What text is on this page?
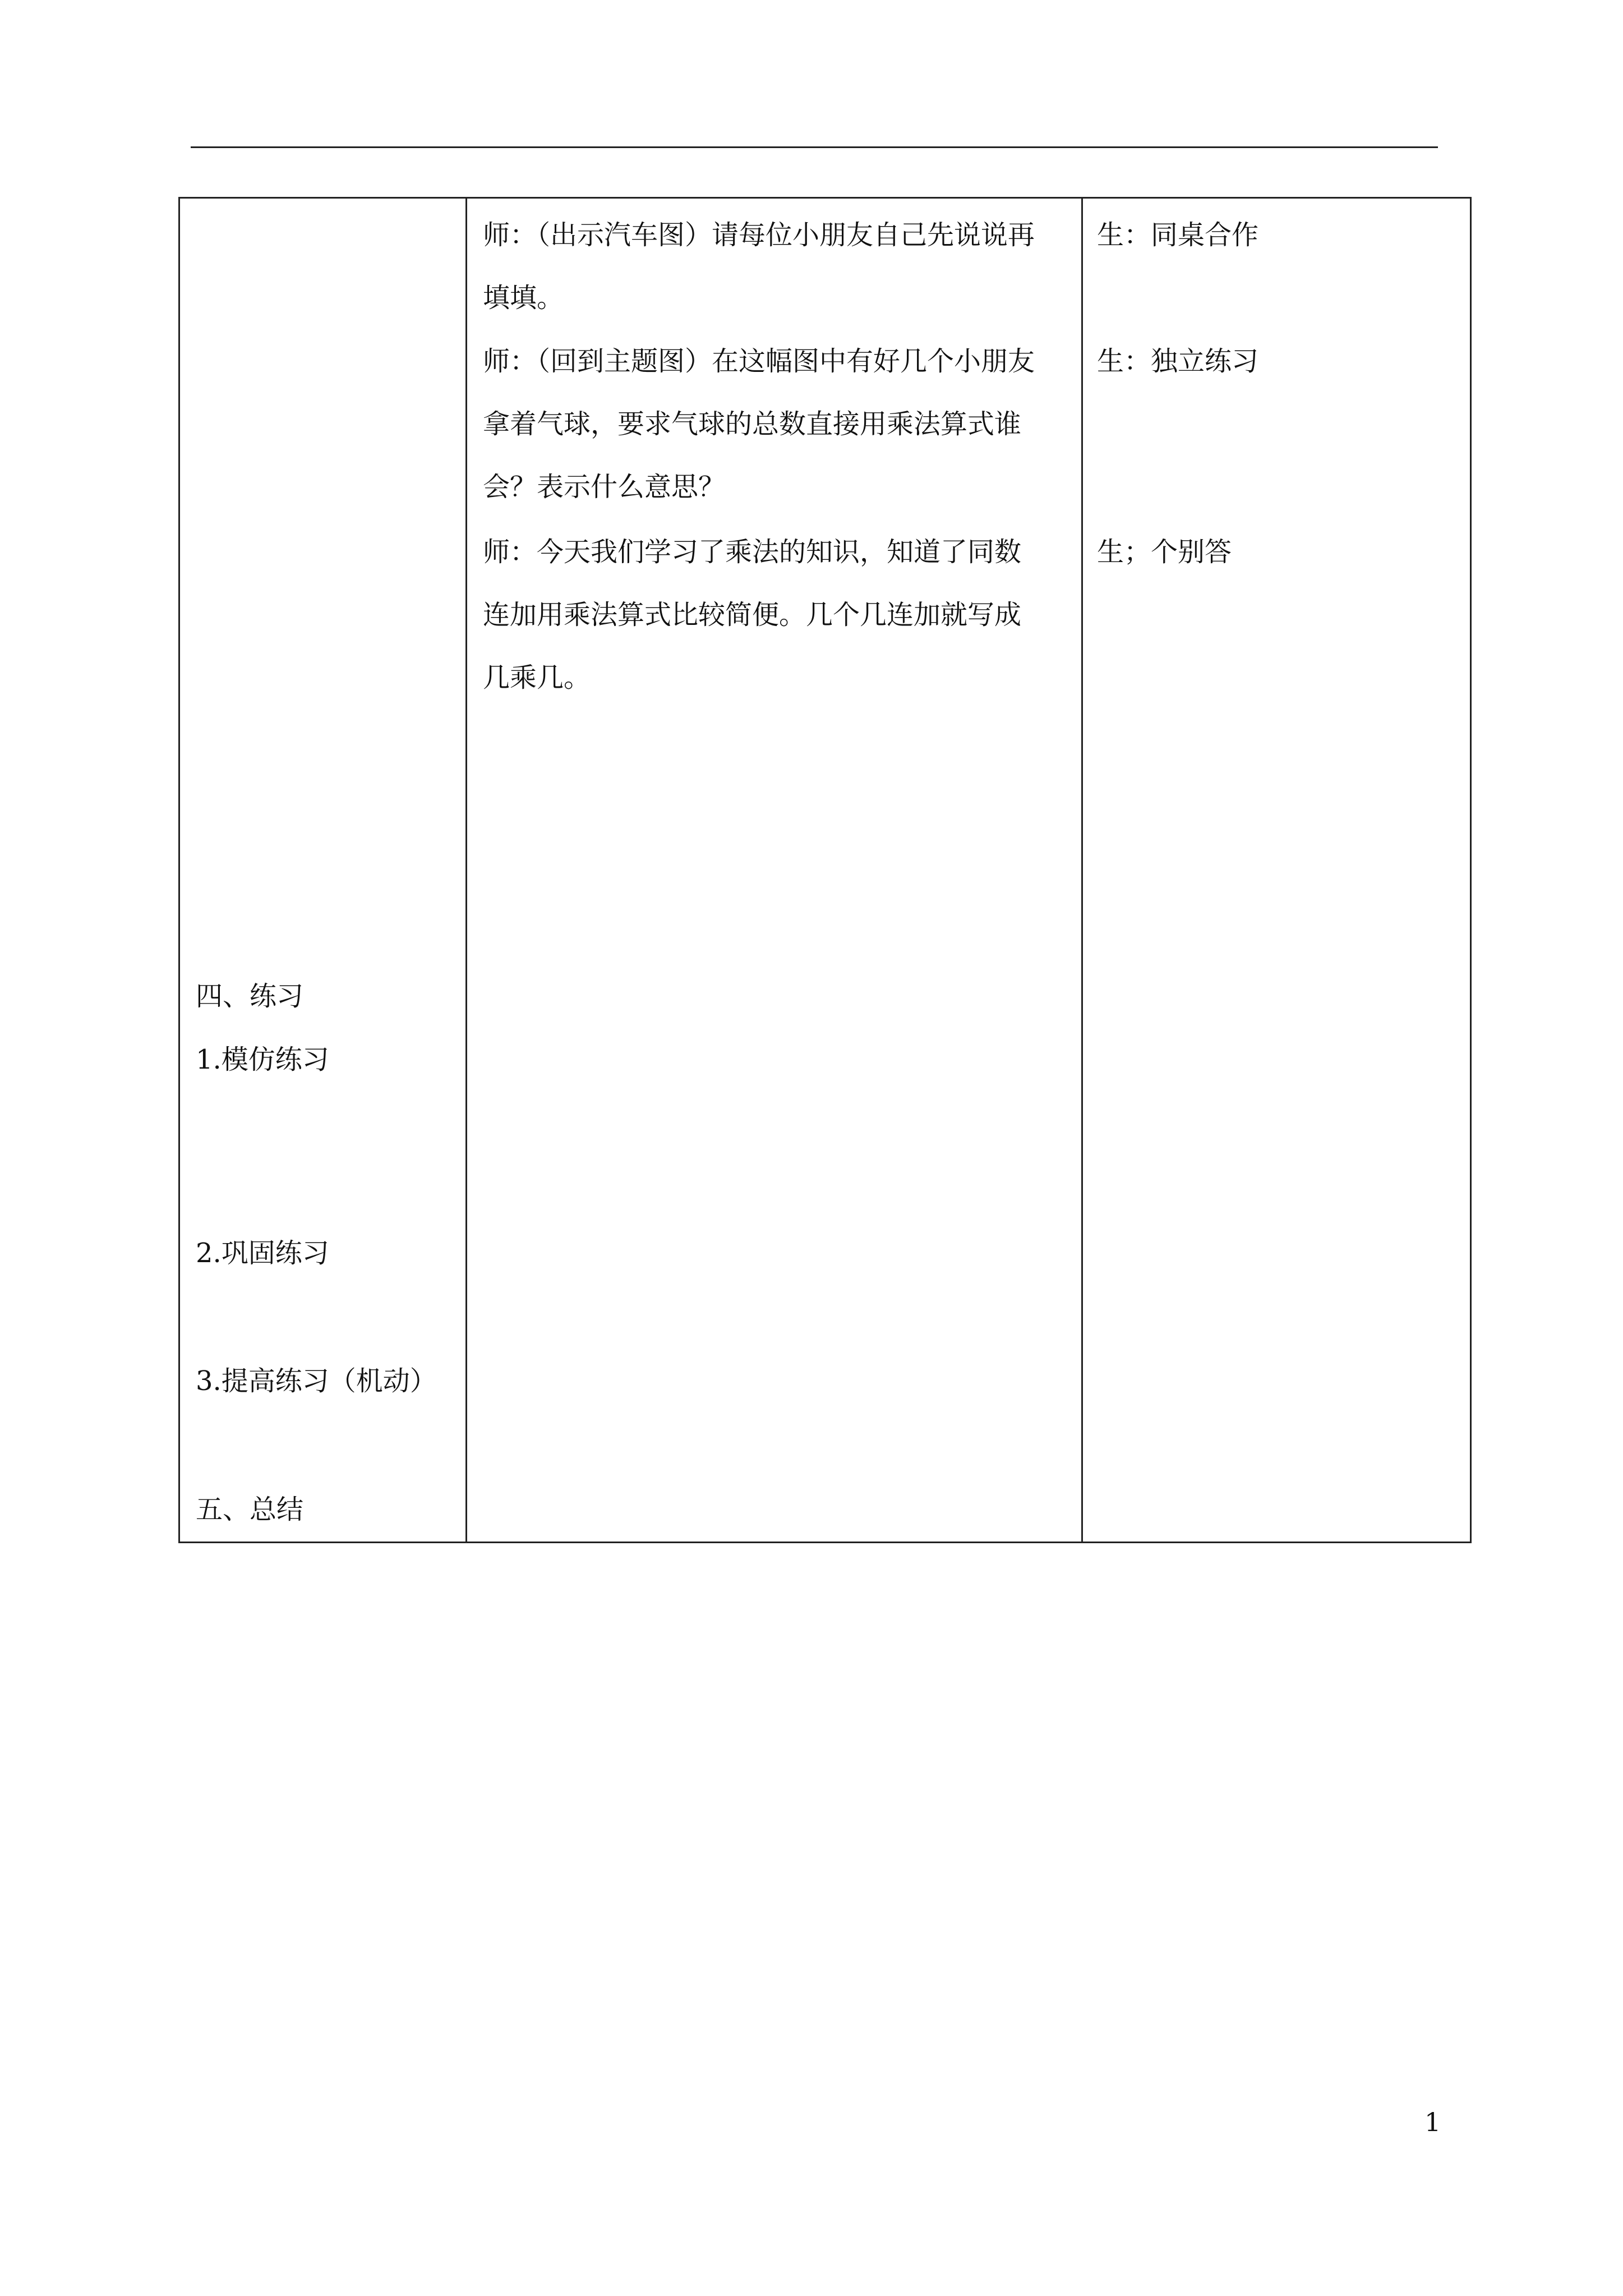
师：（出示汽车图）请每位小朋友自己先说说再
填填。
师：（回到主题图）在这幅图中有好几个小朋友
拿着气球，要求气球的总数直接用乘法算式谁
会？表示什么意思？
师：今天我们学习了乘法的知识，知道了同数
连加用乘法算式比较简便。几个几连加就写成
几乘几。
生：同桌合作
生：独立练习
生；个别答
四、练习
1.模仿练习
2.巩固练习
3.提高练习（机动）
五、总结
1
